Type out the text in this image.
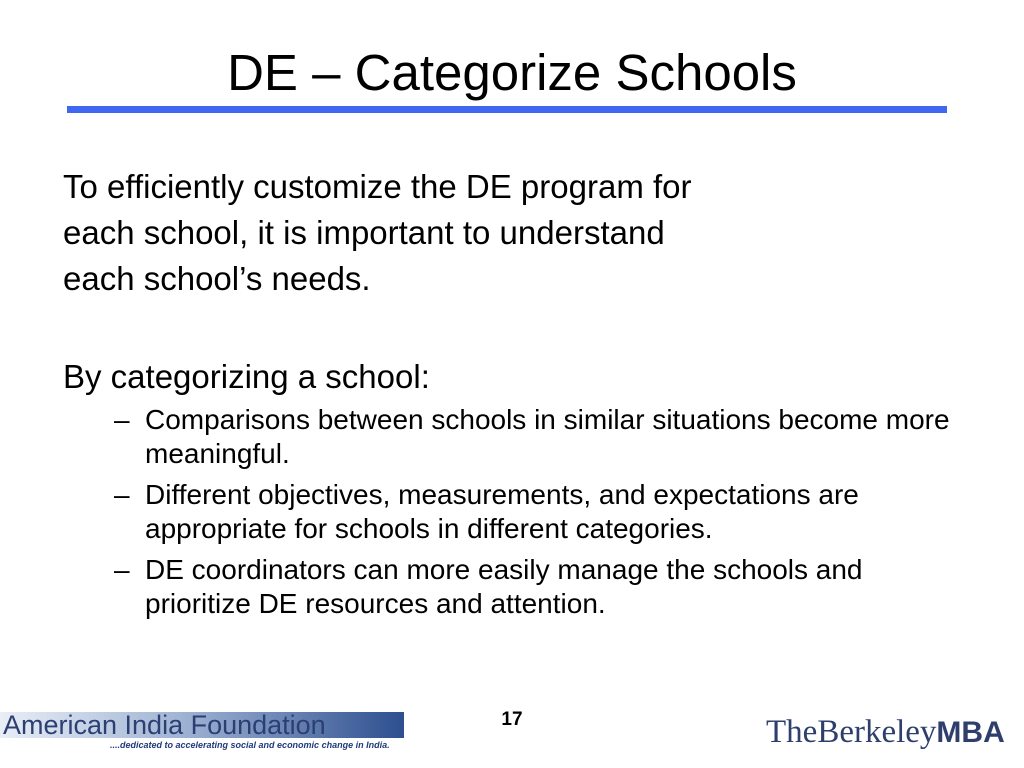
DE – Categorize Schools

To efficiently customize the DE program for
each school, it is important to understand
each school’s needs.

By categorizing a school:

– Comparisons between schools in similar situations become more meaningful.
– Different objectives, measurements, and expectations are appropriate for schools in different categories.
– DE coordinators can more easily manage the schools and prioritize DE resources and attention.
American India Foundation
....dedicated to accelerating social and economic change in India.
17	TheBerkeleyMBA
